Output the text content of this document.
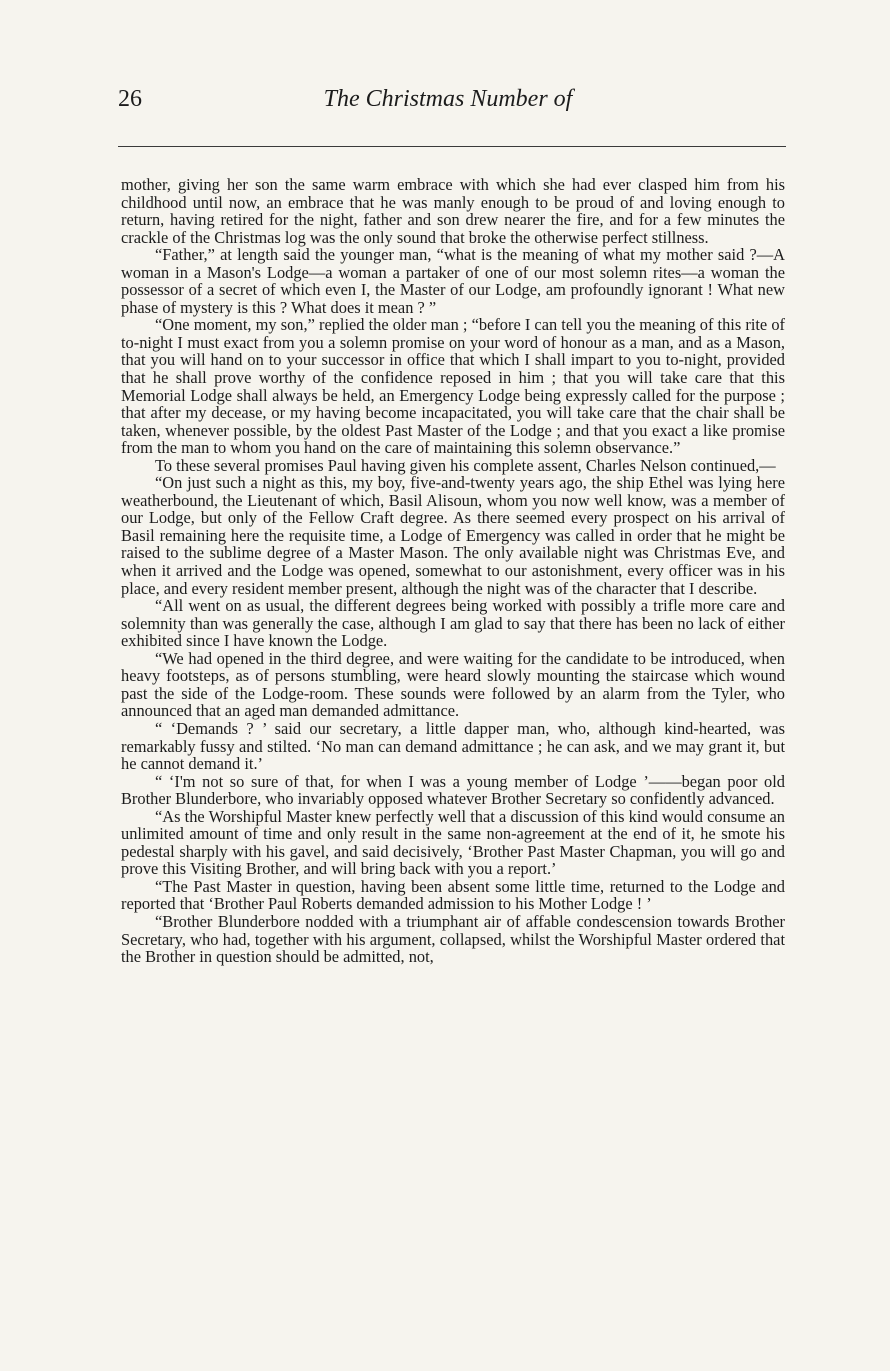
26	The Christmas Number of

mother, giving her son the same warm embrace with which she had ever clasped him from his childhood until now, an embrace that he was manly enough to be proud of and loving enough to return, having retired for the night, father and son drew nearer the fire, and for a few minutes the crackle of the Christmas log was the only sound that broke the otherwise perfect stillness.

“Father,” at length said the younger man, “what is the meaning of what my mother said ?—A woman in a Mason's Lodge—a woman a partaker of one of our most solemn rites—a woman the possessor of a secret of which even I, the Master of our Lodge, am profoundly ignorant ! What new phase of mystery is this ? What does it mean ? ”

“One moment, my son,” replied the older man ; “before I can tell you the meaning of this rite of to-night I must exact from you a solemn promise on your word of honour as a man, and as a Mason, that you will hand on to your successor in office that which I shall impart to you to-night, provided that he shall prove worthy of the confidence reposed in him ; that you will take care that this Memorial Lodge shall always be held, an Emergency Lodge being expressly called for the purpose ; that after my decease, or my having become incapacitated, you will take care that the chair shall be taken, whenever possible, by the oldest Past Master of the Lodge ; and that you exact a like promise from the man to whom you hand on the care of maintaining this solemn observance.”

To these several promises Paul having given his complete assent, Charles Nelson continued,—

“On just such a night as this, my boy, five-and-twenty years ago, the ship Ethel was lying here weatherbound, the Lieutenant of which, Basil Alisoun, whom you now well know, was a member of our Lodge, but only of the Fellow Craft degree. As there seemed every prospect on his arrival of Basil remaining here the requisite time, a Lodge of Emergency was called in order that he might be raised to the sublime degree of a Master Mason. The only available night was Christmas Eve, and when it arrived and the Lodge was opened, somewhat to our astonishment, every officer was in his place, and every resident member present, although the night was of the character that I describe.

“All went on as usual, the different degrees being worked with possibly a trifle more care and solemnity than was generally the case, although I am glad to say that there has been no lack of either exhibited since I have known the Lodge.

“We had opened in the third degree, and were waiting for the candidate to be introduced, when heavy footsteps, as of persons stumbling, were heard slowly mounting the staircase which wound past the side of the Lodge-room. These sounds were followed by an alarm from the Tyler, who announced that an aged man demanded admittance.

“ ‘Demands ? ’ said our secretary, a little dapper man, who, although kind-hearted, was remarkably fussy and stilted. ‘No man can demand admittance ; he can ask, and we may grant it, but he cannot demand it.’

“ ‘I'm not so sure of that, for when I was a young member of Lodge ’——began poor old Brother Blunderbore, who invariably opposed whatever Brother Secretary so confidently advanced.

“As the Worshipful Master knew perfectly well that a discussion of this kind would consume an unlimited amount of time and only result in the same non-agreement at the end of it, he smote his pedestal sharply with his gavel, and said decisively, ‘Brother Past Master Chapman, you will go and prove this Visiting Brother, and will bring back with you a report.’

“The Past Master in question, having been absent some little time, returned to the Lodge and reported that ‘Brother Paul Roberts demanded admission to his Mother Lodge ! ’

“Brother Blunderbore nodded with a triumphant air of affable condescension towards Brother Secretary, who had, together with his argument, collapsed, whilst the Worshipful Master ordered that the Brother in question should be admitted, not,
